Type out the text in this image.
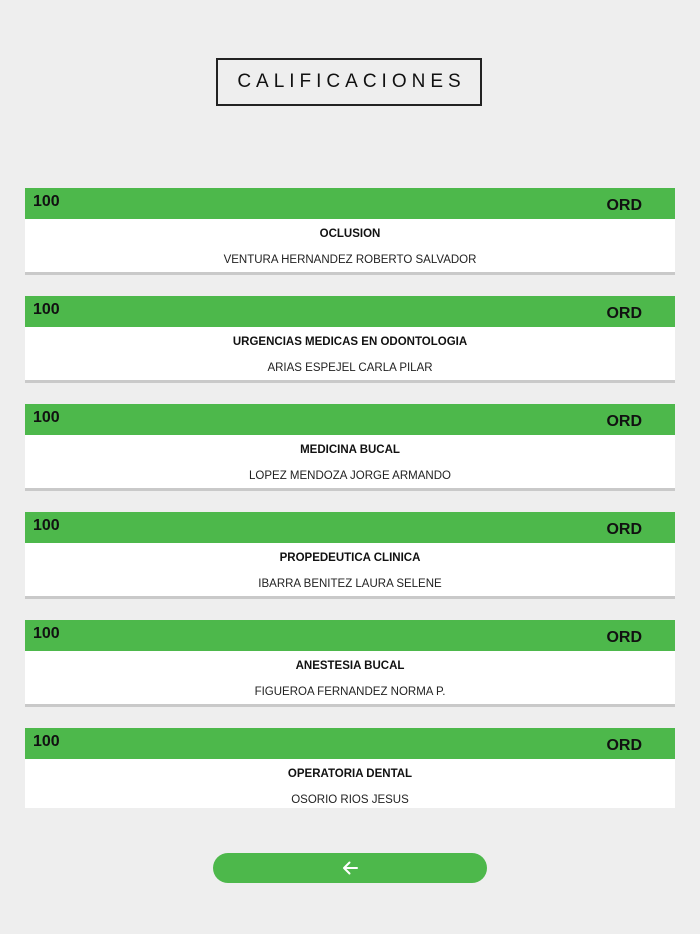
CALIFICACIONES
100	ORD
OCLUSION
VENTURA HERNANDEZ ROBERTO SALVADOR
100	ORD
URGENCIAS MEDICAS EN ODONTOLOGIA
ARIAS ESPEJEL CARLA PILAR
100	ORD
MEDICINA BUCAL
LOPEZ MENDOZA JORGE ARMANDO
100	ORD
PROPEDEUTICA CLINICA
IBARRA BENITEZ LAURA SELENE
100	ORD
ANESTESIA BUCAL
FIGUEROA FERNANDEZ NORMA P.
100	ORD
OPERATORIA DENTAL
OSORIO RIOS JESUS
